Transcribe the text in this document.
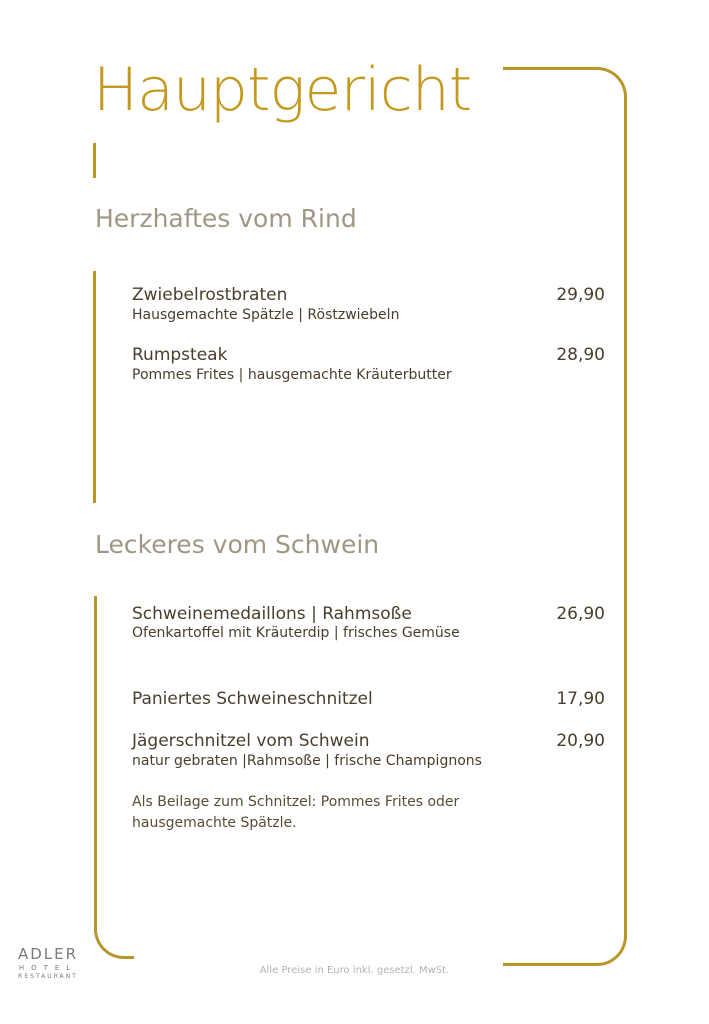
Hauptgericht
Herzhaftes vom Rind
Zwiebelrostbraten	29,90
Hausgemachte Spätzle | Röstzwiebeln
Rumpsteak	28,90
Pommes Frites | hausgemachte Kräuterbutter
Leckeres vom Schwein
Schweinemedaillons | Rahmsoße	26,90
Ofenkartoffel mit Kräuterdip | frisches Gemüse
Paniertes Schweineschnitzel	17,90
Jägerschnitzel vom Schwein	20,90
natur gebraten |Rahmsoße | frische Champignons
Als Beilage zum Schnitzel: Pommes Frites oder
hausgemachte Spätzle.
Alle Preise in Euro inkl. gesetzl. MwSt.
ADLER
HOTEL
RESTAURANT
